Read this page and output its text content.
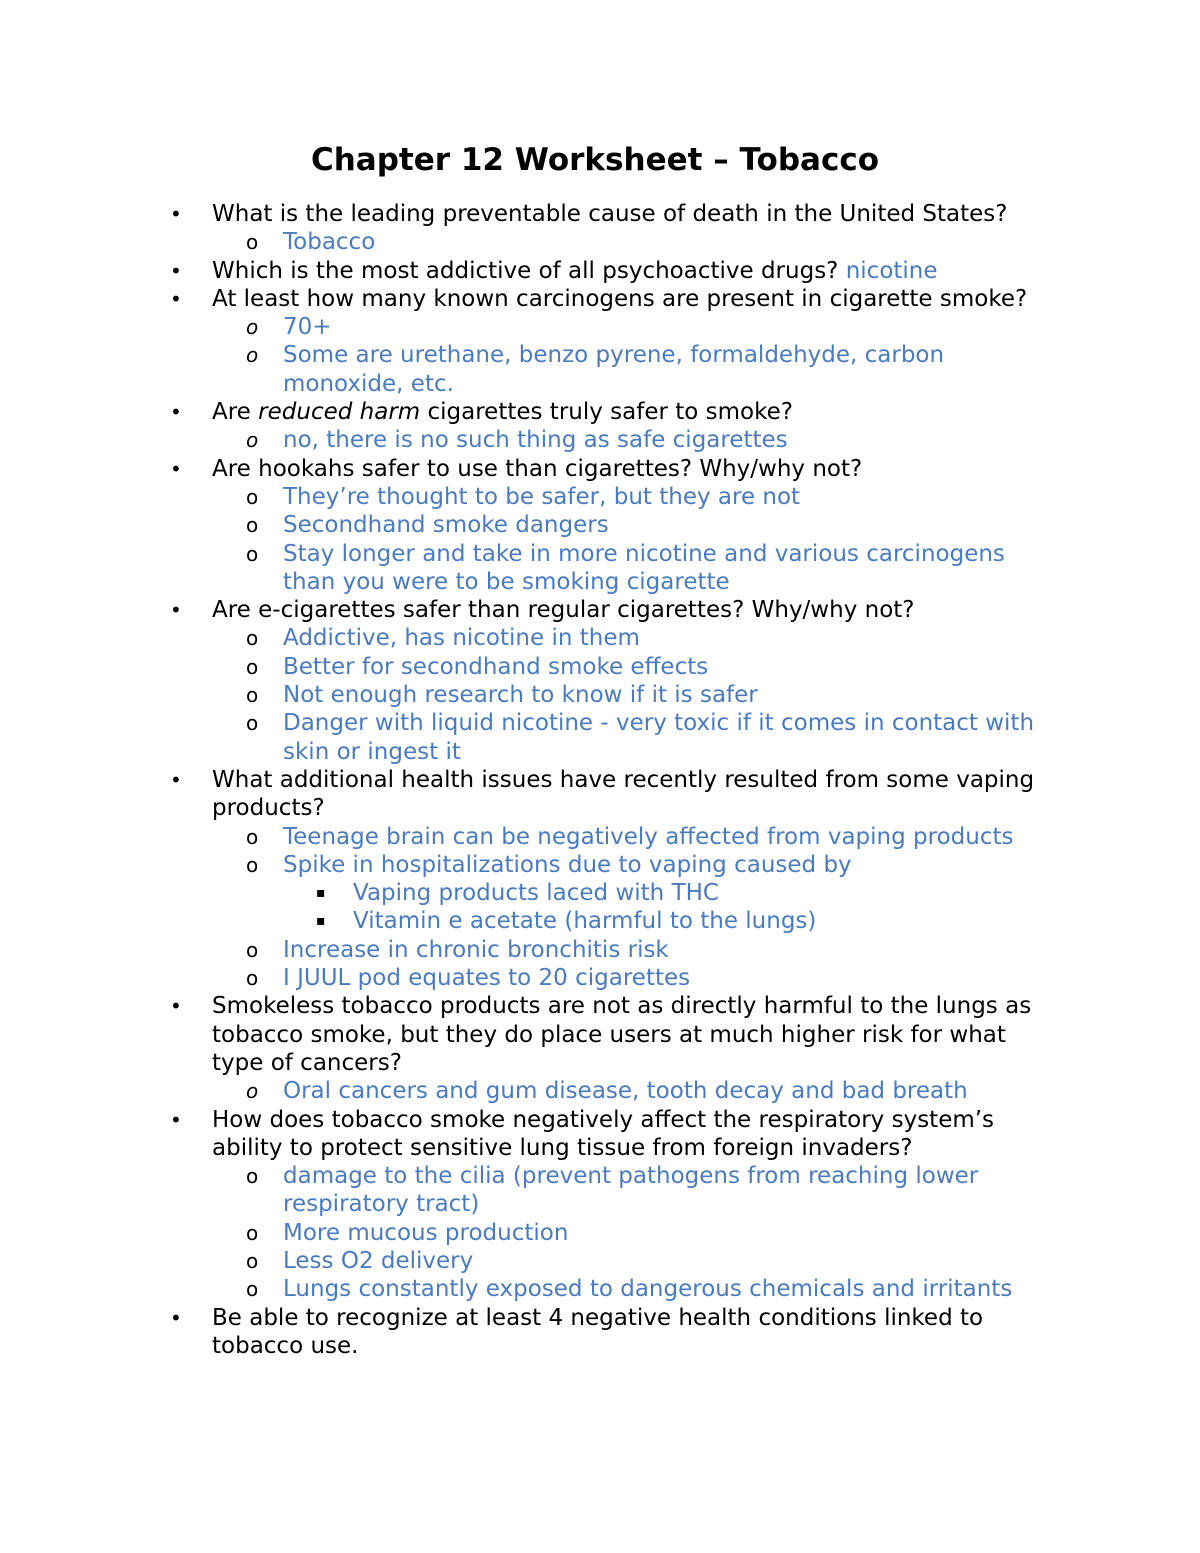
Chapter 12 Worksheet – Tobacco
• What is the leading preventable cause of death in the United States?
o Tobacco
• Which is the most addictive of all psychoactive drugs? nicotine
• At least how many known carcinogens are present in cigarette smoke?
o 70+
o Some are urethane, benzo pyrene, formaldehyde, carbon monoxide, etc.
• Are reduced harm cigarettes truly safer to smoke?
o no, there is no such thing as safe cigarettes
• Are hookahs safer to use than cigarettes? Why/why not?
o They’re thought to be safer, but they are not
o Secondhand smoke dangers
o Stay longer and take in more nicotine and various carcinogens than you were to be smoking cigarette
• Are e-cigarettes safer than regular cigarettes? Why/why not?
o Addictive, has nicotine in them
o Better for secondhand smoke effects
o Not enough research to know if it is safer
o Danger with liquid nicotine - very toxic if it comes in contact with skin or ingest it
• What additional health issues have recently resulted from some vaping products?
o Teenage brain can be negatively affected from vaping products
o Spike in hospitalizations due to vaping caused by
▪ Vaping products laced with THC
▪ Vitamin e acetate (harmful to the lungs)
o Increase in chronic bronchitis risk
o I JUUL pod equates to 20 cigarettes
• Smokeless tobacco products are not as directly harmful to the lungs as tobacco smoke, but they do place users at much higher risk for what type of cancers?
o Oral cancers and gum disease, tooth decay and bad breath
• How does tobacco smoke negatively affect the respiratory system’s ability to protect sensitive lung tissue from foreign invaders?
o damage to the cilia (prevent pathogens from reaching lower respiratory tract)
o More mucous production
o Less O2 delivery
o Lungs constantly exposed to dangerous chemicals and irritants
• Be able to recognize at least 4 negative health conditions linked to tobacco use.
